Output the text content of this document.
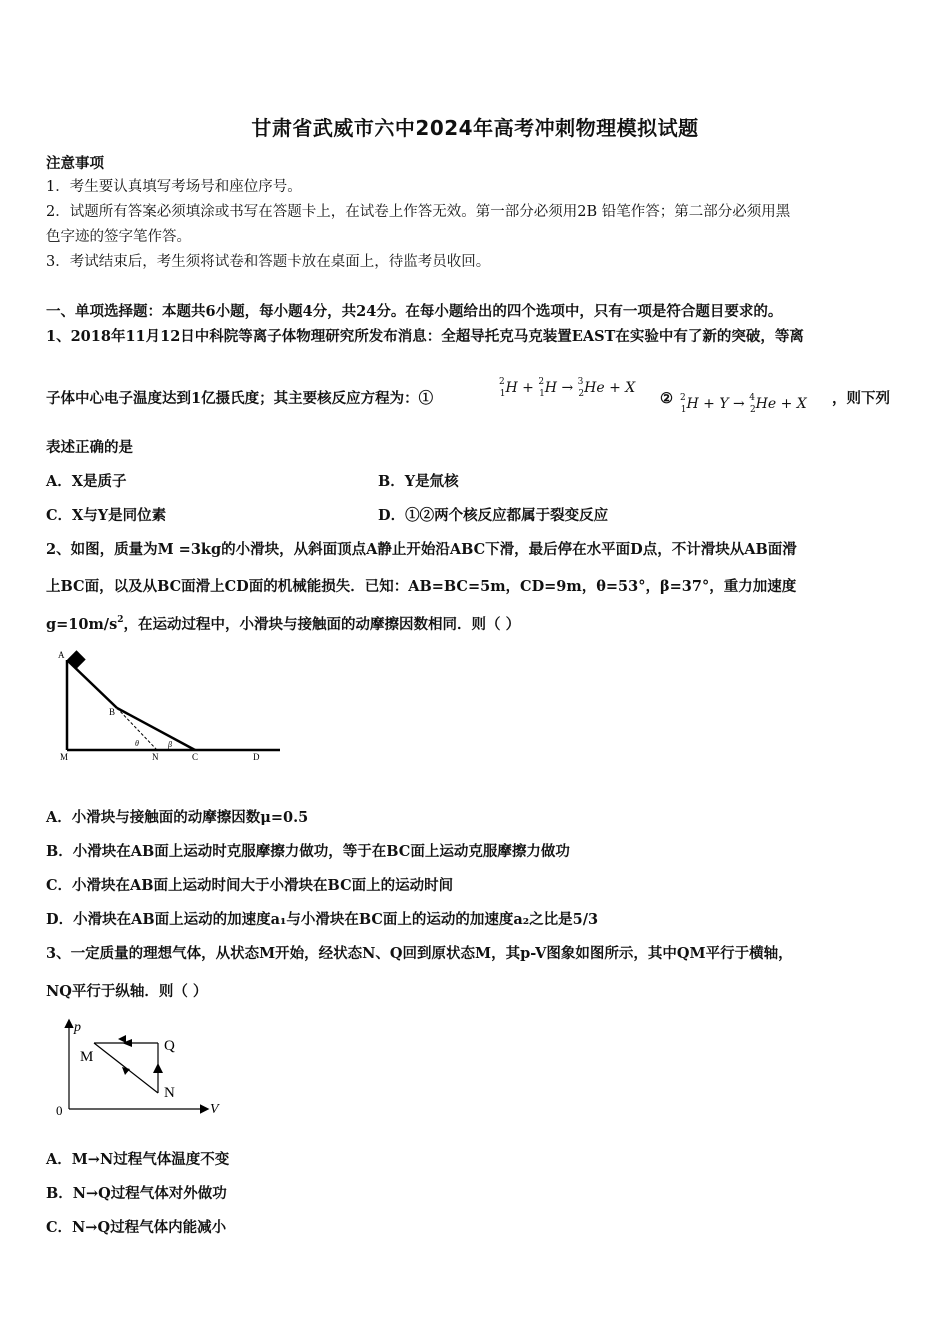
甘肃省武威市六中2024年高考冲刺物理模拟试题
注意事项
1．考生要认真填写考场号和座位序号。
2．试题所有答案必须填涂或书写在答题卡上，在试卷上作答无效。第一部分必须用2B 铅笔作答；第二部分必须用黑
色字迹的签字笔作答。
3．考试结束后，考生须将试卷和答题卡放在桌面上，待监考员收回。
一、单项选择题：本题共6小题，每小题4分，共24分。在每小题给出的四个选项中，只有一项是符合题目要求的。
1、2018年11月12日中科院等离子体物理研究所发布消息：全超导托克马克装置EAST在实验中有了新的突破，等离
子体中心电子温度达到1亿摄氏度；其主要核反应方程为：①
$^2_1$H + $^2_1$H → $^3_2$He + X
② $^2_1$H + Y → $^4_2$He + X	，则下列
表述正确的是
A．X是质子	B．Y是氚核
C．X与Y是同位素	D．①②两个核反应都属于裂变反应
2、如图，质量为M =3kg的小滑块，从斜面顶点A静止开始沿ABC下滑，最后停在水平面D点，不计滑块从AB面滑
上BC面，以及从BC面滑上CD面的机械能损失．已知：AB=BC=5m，CD=9m，θ=53°，β=37°，重力加速度
$g=10m/s^2$，在运动过程中，小滑块与接触面的动摩擦因数相同．则（ ）
A
B
M	N	C	D
θ	β
A．小滑块与接触面的动摩擦因数μ=0.5
B．小滑块在AB面上运动时克服摩擦力做功，等于在BC面上运动克服摩擦力做功
C．小滑块在AB面上运动时间大于小滑块在BC面上的运动时间
D．小滑块在AB面上运动的加速度a₁与小滑块在BC面上的运动的加速度a₂之比是5/3
3、一定质量的理想气体，从状态M开始，经状态N、Q回到原状态M，其p-V图象如图所示，其中QM平行于横轴，
NQ平行于纵轴．则（ ）
p
V
0
M
Q
N
A．M→N过程气体温度不变
B．N→Q过程气体对外做功
C．N→Q过程气体内能减小
